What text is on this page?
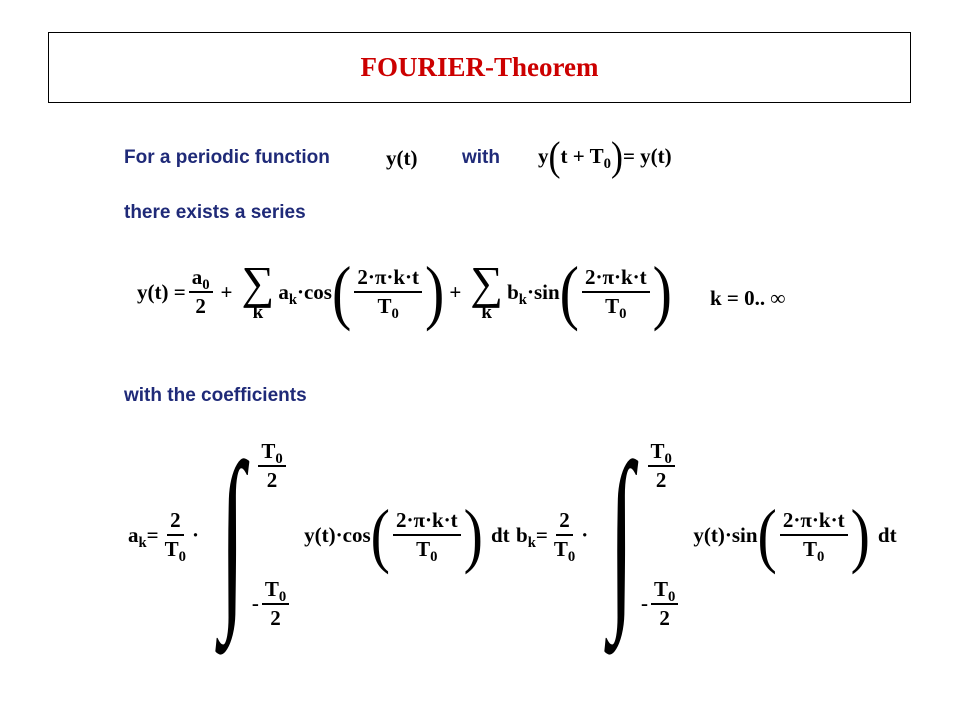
FOURIER-Theorem
For a periodic function	y(t) with y ( $t + T_0$ ) = y(t)
there exists a series
$y(t) = \frac{a_0}{2}$ + ∑
k
$a_k\cdot\cos$ ( $\frac{2\cdot\pi\cdot k\cdot t}{T_0}$ ) + ∑
k
$b_k\cdot\sin$ ( $\frac{2\cdot\pi\cdot k\cdot t}{T_0}$ ) k = 0.. ∞
with the coefficients
$a_k = \frac{2}{T_0}$ · ∫ $\frac{T_0}{2}$
- $\frac{T_0}{2}$
y(t) ·cos ( $\frac{2\cdot\pi\cdot k\cdot t}{T_0}$ ) dt $b_k = \frac{2}{T_0}$ · ∫ $\frac{T_0}{2}$
- $\frac{T_0}{2}$
y(t) ·sin ( $\frac{2\cdot\pi\cdot k\cdot t}{T_0}$ ) dt
